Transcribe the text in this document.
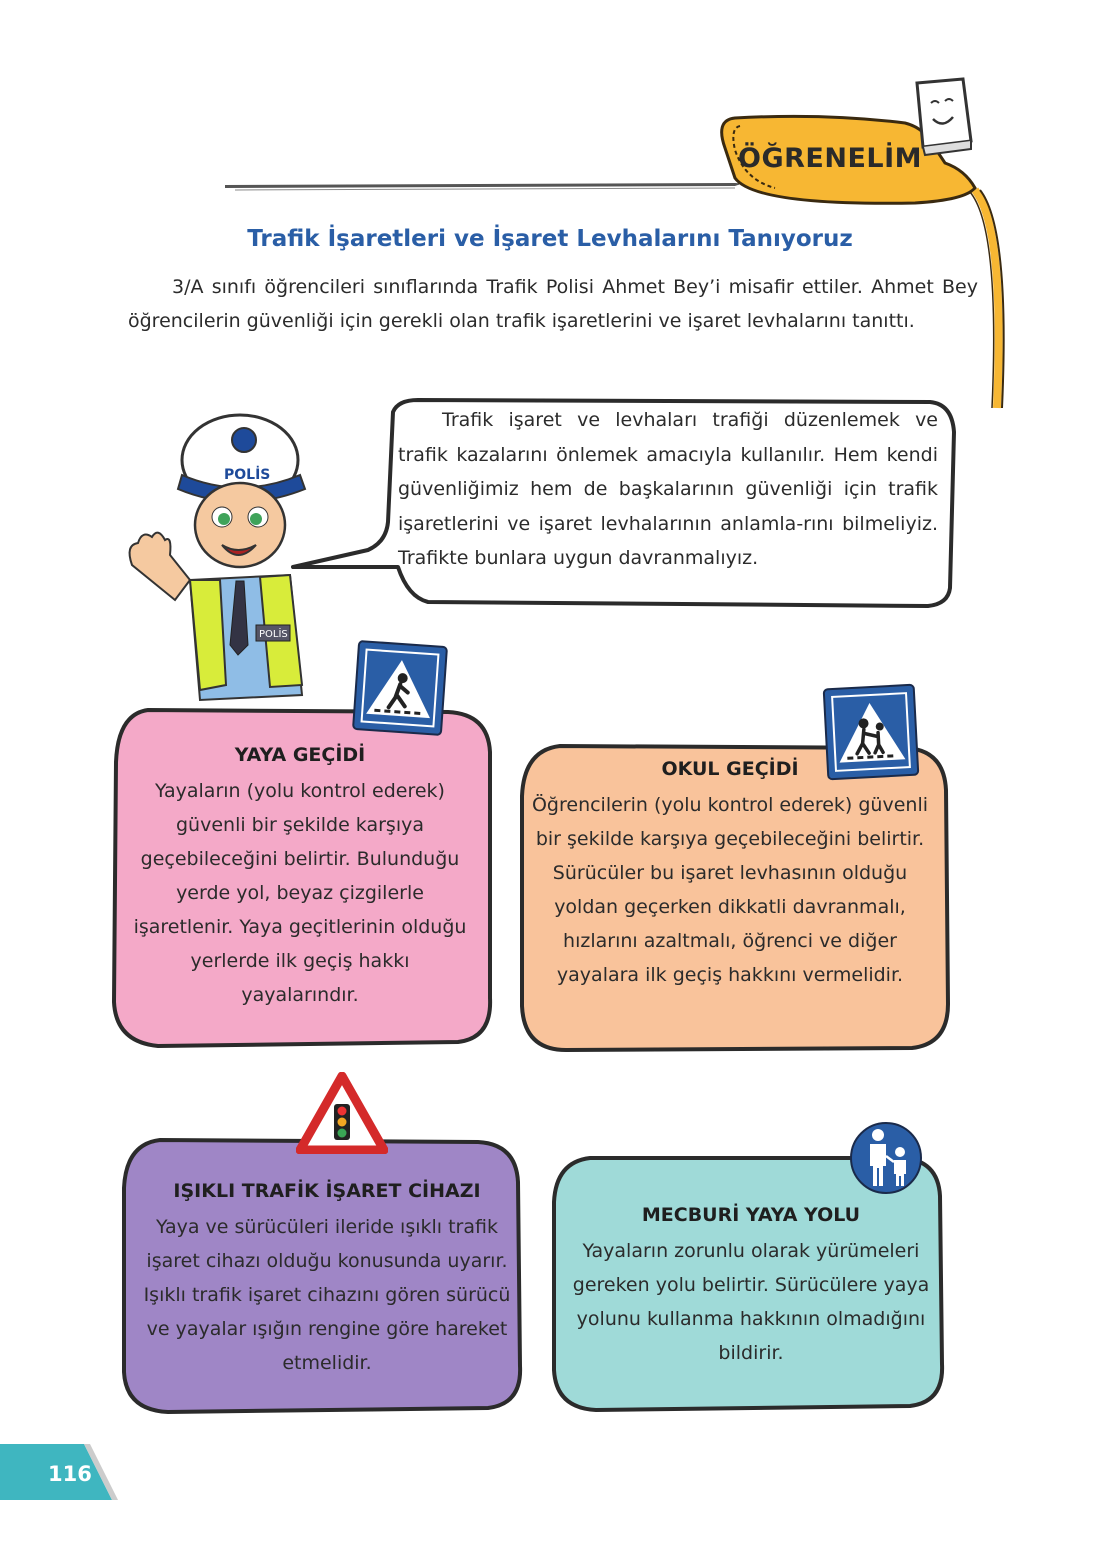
ÖĞRENELİM
Trafik İşaretleri ve İşaret Levhalarını Tanıyoruz
3/A sınıfı öğrencileri sınıflarında Trafik Polisi Ahmet Bey’i misafir ettiler. Ahmet Bey öğrencilerin güvenliği için gerekli olan trafik işaretlerini ve işaret levhalarını tanıttı.
Trafik işaret ve levhaları trafiği düzenlemek ve trafik kazalarını önlemek amacıyla kullanılır. Hem kendi güvenliğimiz hem de başkalarının güvenliği için trafik işaretlerini ve işaret levhalarının anlamla-rını bilmeliyiz. Trafikte bunlara uygun davranmalıyız.
POLİS
POLİS
YAYA GEÇİDİ
Yayaların (yolu kontrol ederek) güvenli bir şekilde karşıya geçebileceğini belirtir. Bulunduğu yerde yol, beyaz çizgilerle işaretlenir. Yaya geçitlerinin olduğu yerlerde ilk geçiş hakkı yayalarındır.
OKUL GEÇİDİ
Öğrencilerin (yolu kontrol ederek) güvenli bir şekilde karşıya geçebileceğini belirtir. Sürücüler bu işaret levhasının olduğu yoldan geçerken dikkatli davranmalı, hızlarını azaltmalı, öğrenci ve diğer yayalara ilk geçiş hakkını vermelidir.
IŞIKLI TRAFİK İŞARET CİHAZI
Yaya ve sürücüleri ileride ışıklı trafik işaret cihazı olduğu konusunda uyarır. Işıklı trafik işaret cihazını gören sürücü ve yayalar ışığın rengine göre hareket etmelidir.
MECBURİ YAYA YOLU
Yayaların zorunlu olarak yürümeleri gereken yolu belirtir. Sürücülere yaya yolunu kullanma hakkının olmadığını bildirir.
116
